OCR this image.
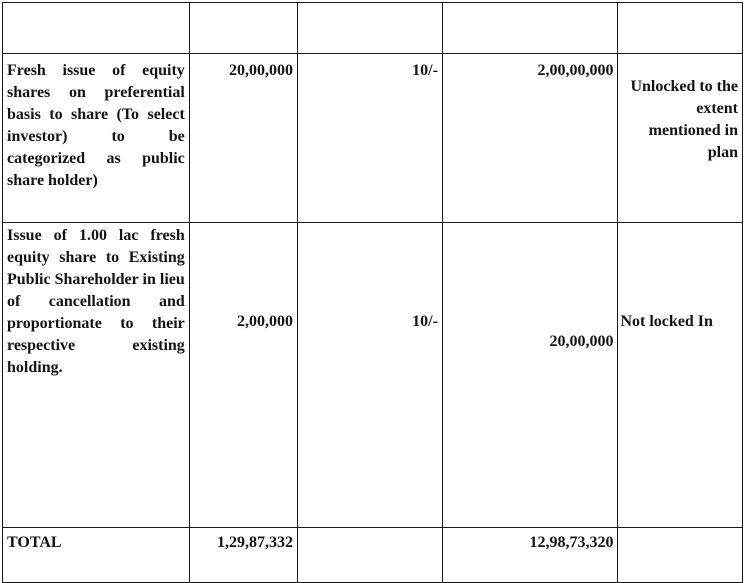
Fresh issue of equity shares on preferential basis to share (To select investor) to be categorized as public share holder)	20,00,000	10/-	2,00,00,000	Unlocked to the extent mentioned in plan
Issue of 1.00 lac fresh equity share to Existing Public Shareholder in lieu of cancellation and proportionate to their respective existing holding.	2,00,000	10/-	20,00,000	Not locked In
TOTAL	1,29,87,332		12,98,73,320	
